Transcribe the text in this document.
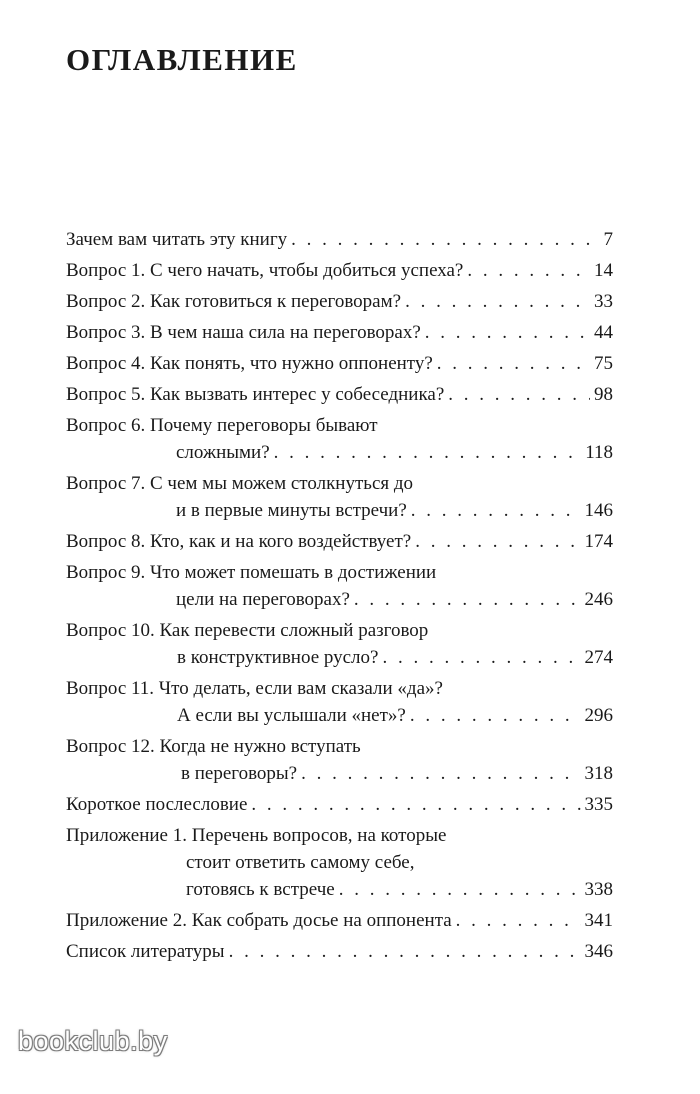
ОГЛАВЛЕНИЕ
Зачем вам читать эту книгу . . .	7
Вопрос 1. С чего начать, чтобы добиться успеха? . . .	14
Вопрос 2. Как готовиться к переговорам? . . .	33
Вопрос 3. В чем наша сила на переговорах? . . .	44
Вопрос 4. Как понять, что нужно оппоненту? . . .	75
Вопрос 5. Как вызвать интерес у собеседника? . . .	98
Вопрос 6. Почему переговоры бывают
сложными? . . .	118
Вопрос 7. С чем мы можем столкнуться до
и в первые минуты встречи? . . .	146
Вопрос 8. Кто, как и на кого воздействует? . . .	174
Вопрос 9. Что может помешать в достижении
цели на переговорах? . . .	246
Вопрос 10. Как перевести сложный разговор
в конструктивное русло? . . .	274
Вопрос 11. Что делать, если вам сказали «да»?
А если вы услышали «нет»? . . .	296
Вопрос 12. Когда не нужно вступать
в переговоры? . . .	318
Короткое послесловие . . .	335
Приложение 1. Перечень вопросов, на которые
стоит ответить самому себе,
готовясь к встрече . . .	338
Приложение 2. Как собрать досье на оппонента . . .	341
Список литературы . . .	346
bookclub.by
